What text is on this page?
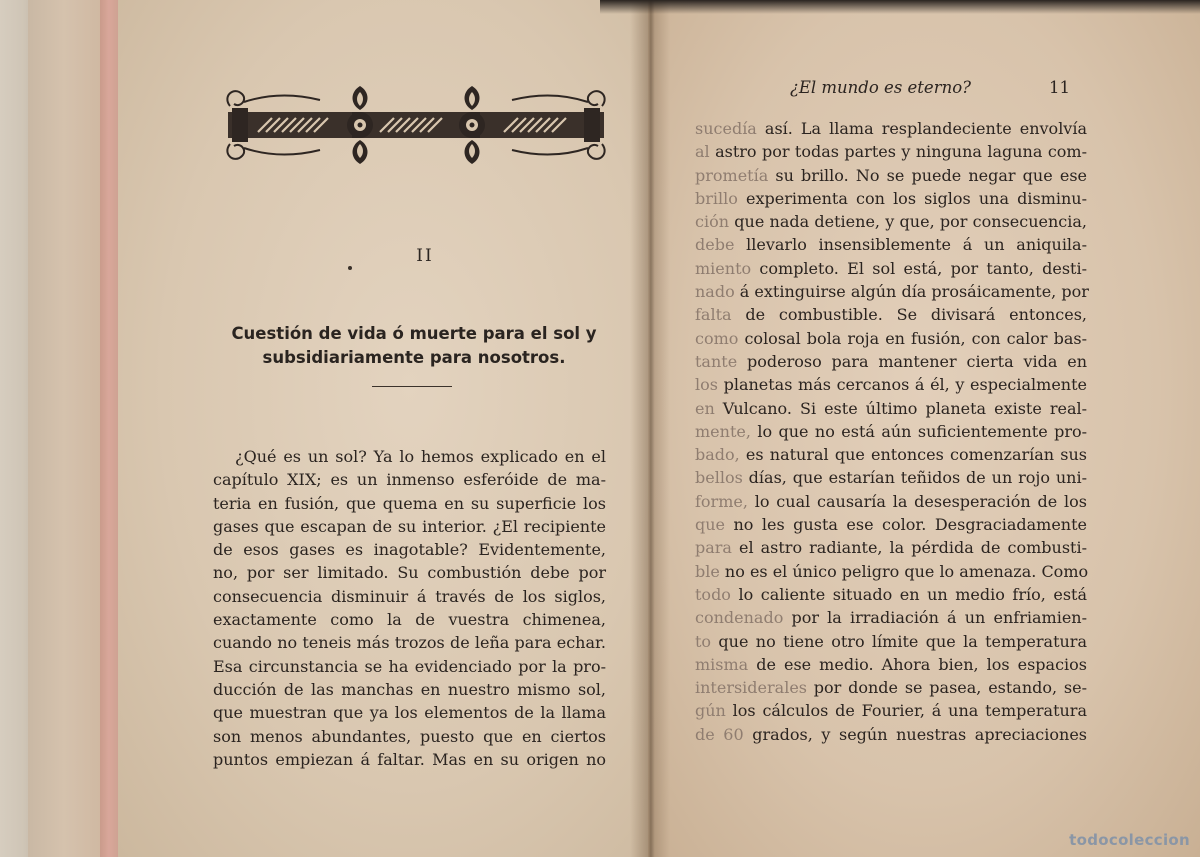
II
Cuestión de vida ó muerte para el sol y
subsidiariamente para nosotros.
¿Qué es un sol? Ya lo hemos explicado en el
capítulo XIX; es un inmenso esferóide de ma-
teria en fusión, que quema en su superficie los
gases que escapan de su interior. ¿El recipiente
de esos gases es inagotable? Evidentemente,
no, por ser limitado. Su combustión debe por
consecuencia disminuir á través de los siglos,
exactamente como la de vuestra chimenea,
cuando no teneis más trozos de leña para echar.
Esa circunstancia se ha evidenciado por la pro-
ducción de las manchas en nuestro mismo sol,
que muestran que ya los elementos de la llama
son menos abundantes, puesto que en ciertos
puntos empiezan á faltar. Mas en su origen no
¿El mundo es eterno?	11
sucedía así. La llama resplandeciente envolvía
al astro por todas partes y ninguna laguna com-
prometía su brillo. No se puede negar que ese
brillo experimenta con los siglos una disminu-
ción que nada detiene, y que, por consecuencia,
debe llevarlo insensiblemente á un aniquila-
miento completo. El sol está, por tanto, desti-
nado á extinguirse algún día prosáicamente, por
falta de combustible. Se divisará entonces,
como colosal bola roja en fusión, con calor bas-
tante poderoso para mantener cierta vida en
los planetas más cercanos á él, y especialmente
en Vulcano. Si este último planeta existe real-
mente, lo que no está aún suficientemente pro-
bado, es natural que entonces comenzarían sus
bellos días, que estarían teñidos de un rojo uni-
forme, lo cual causaría la desesperación de los
que no les gusta ese color. Desgraciadamente
para el astro radiante, la pérdida de combusti-
ble no es el único peligro que lo amenaza. Como
todo lo caliente situado en un medio frío, está
condenado por la irradiación á un enfriamien-
to que no tiene otro límite que la temperatura
misma de ese medio. Ahora bien, los espacios
intersiderales por donde se pasea, estando, se-
gún los cálculos de Fourier, á una temperatura
de 60 grados, y según nuestras apreciaciones
todocoleccion
